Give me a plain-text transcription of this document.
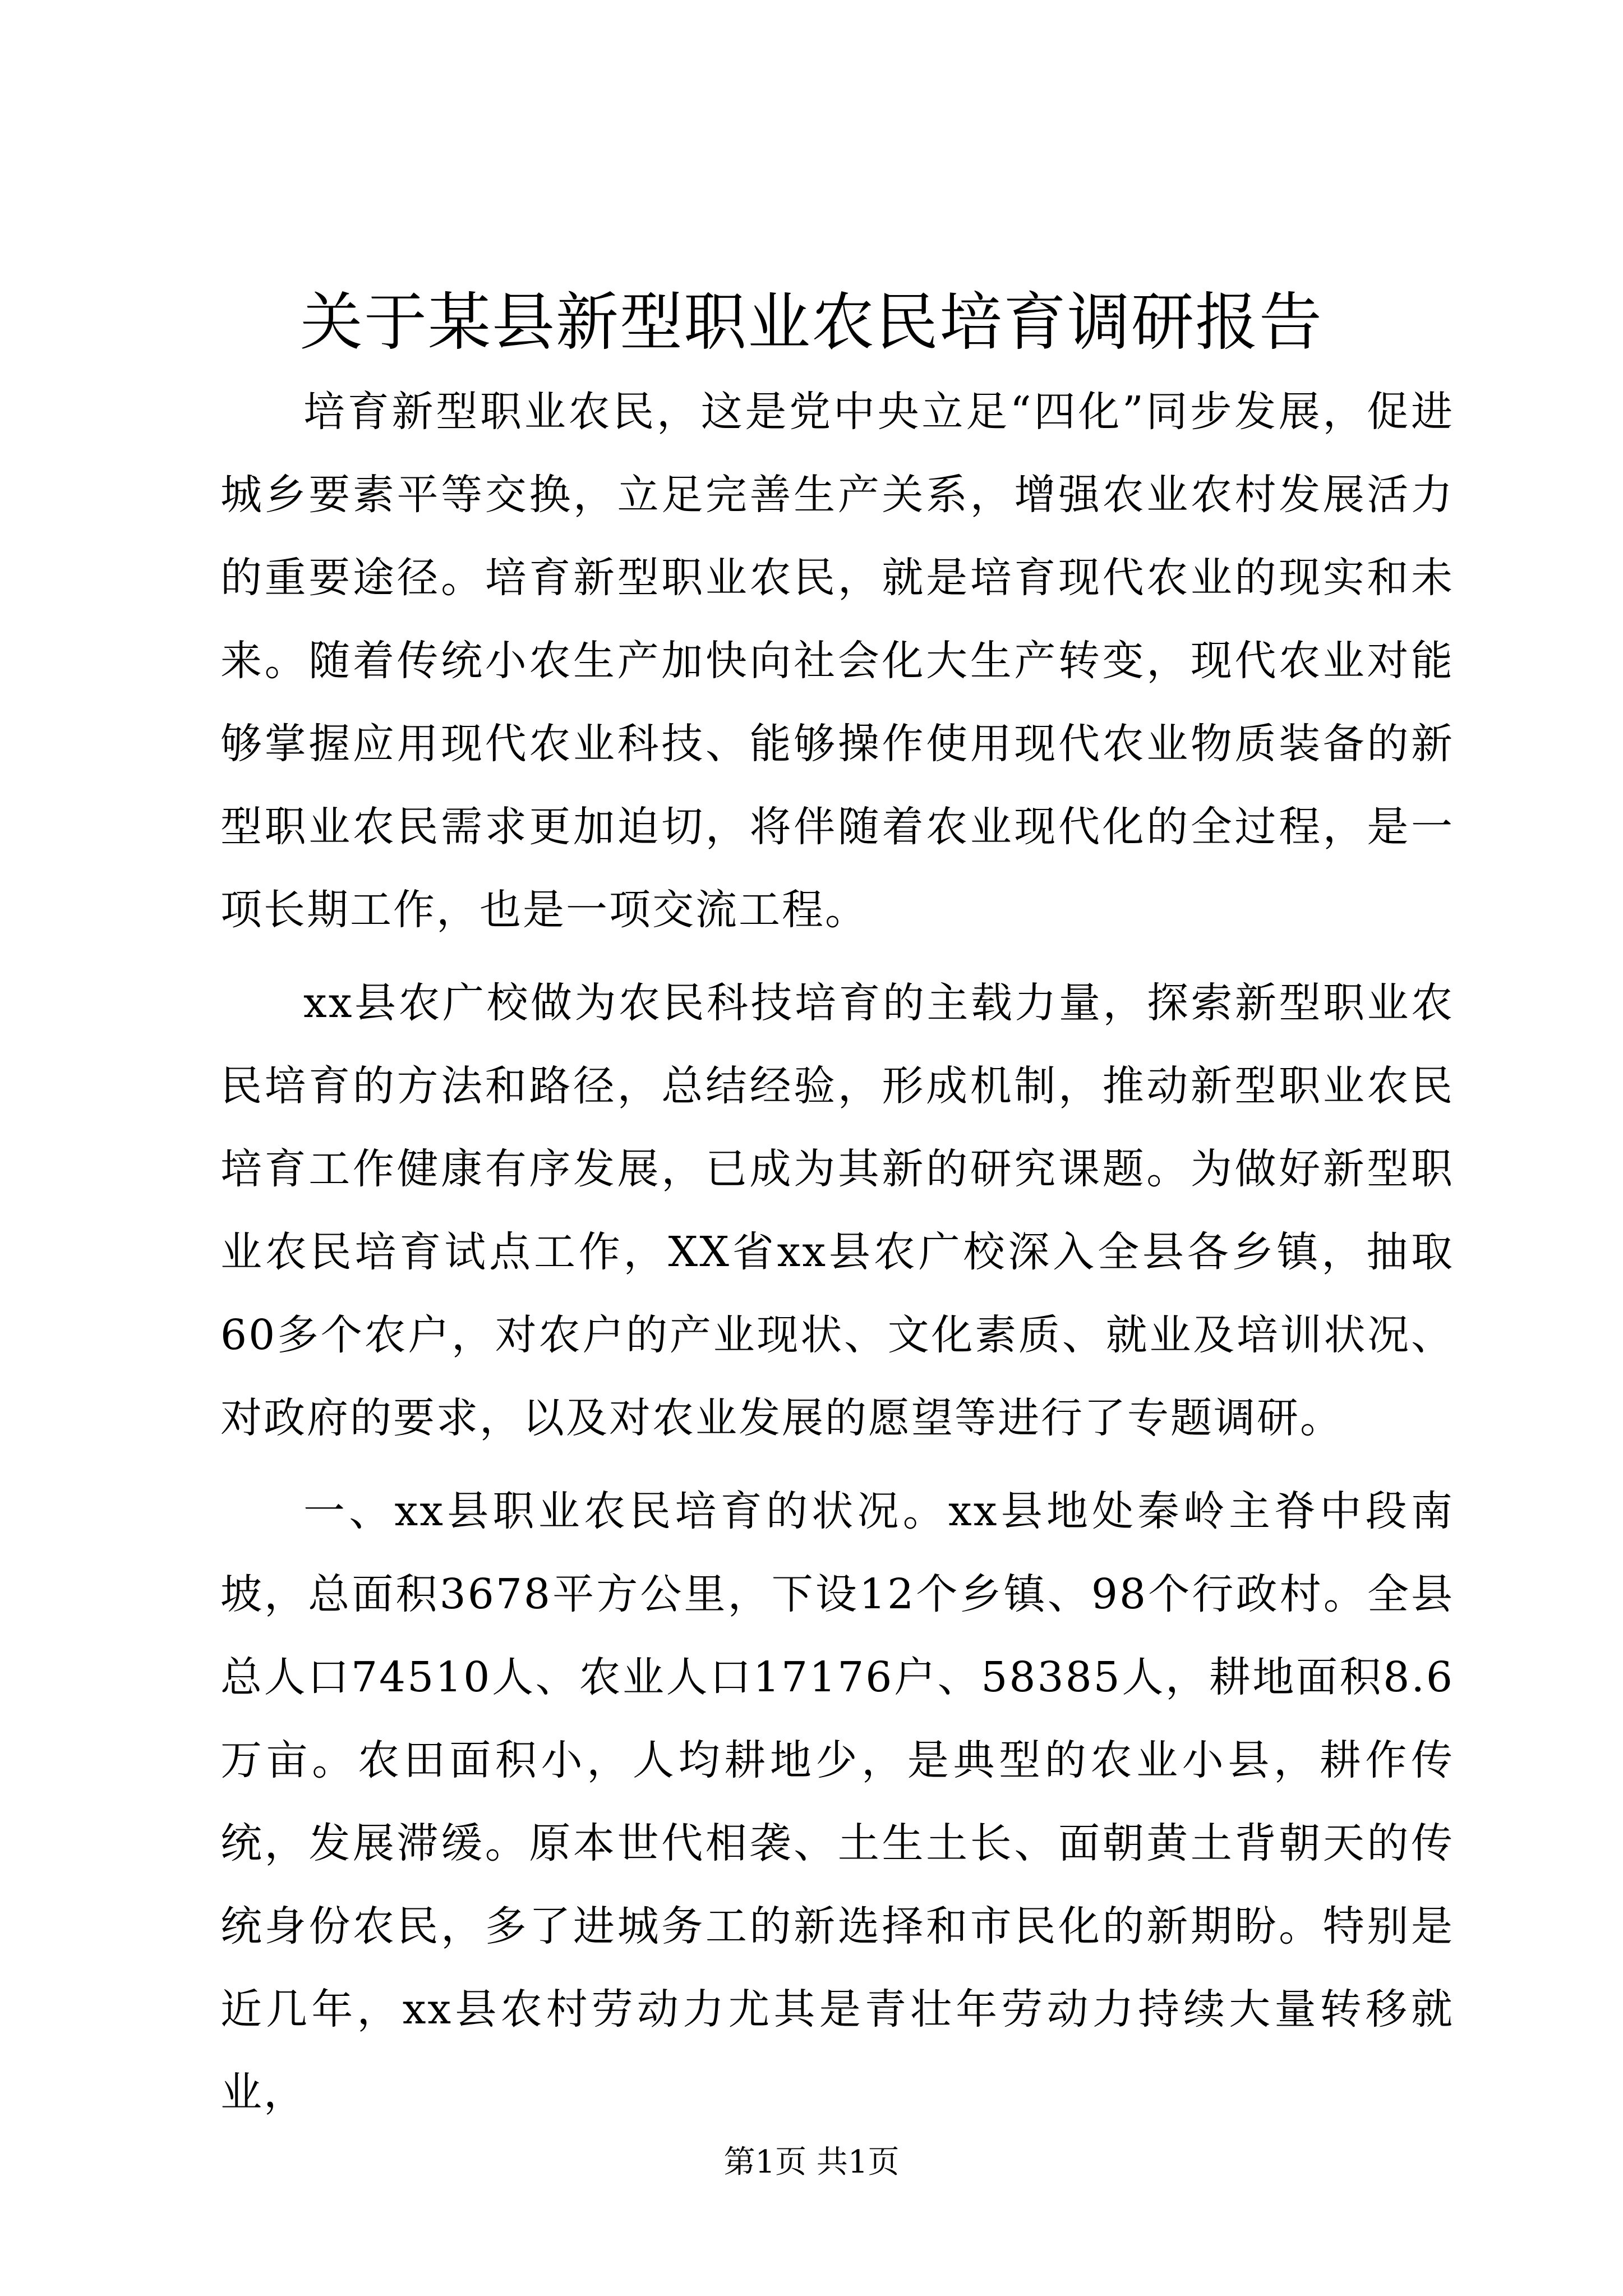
关于某县新型职业农民培育调研报告

培育新型职业农民，这是党中央立足“四化”同步发展，促进城乡要素平等交换，立足完善生产关系，增强农业农村发展活力的重要途径。培育新型职业农民，就是培育现代农业的现实和未来。随着传统小农生产加快向社会化大生产转变，现代农业对能够掌握应用现代农业科技、能够操作使用现代农业物质装备的新型职业农民需求更加迫切，将伴随着农业现代化的全过程，是一项长期工作，也是一项交流工程。

xx县农广校做为农民科技培育的主载力量，探索新型职业农民培育的方法和路径，总结经验，形成机制，推动新型职业农民培育工作健康有序发展，已成为其新的研究课题。为做好新型职业农民培育试点工作，XX省xx县农广校深入全县各乡镇，抽取60多个农户，对农户的产业现状、文化素质、就业及培训状况、对政府的要求，以及对农业发展的愿望等进行了专题调研。

一、xx县职业农民培育的状况。xx县地处秦岭主脊中段南坡，总面积3678平方公里，下设12个乡镇、98个行政村。全县总人口74510人、农业人口17176户、58385人，耕地面积8.6万亩。农田面积小，人均耕地少，是典型的农业小县，耕作传统，发展滞缓。原本世代相袭、土生土长、面朝黄土背朝天的传统身份农民，多了进城务工的新选择和市民化的新期盼。特别是近几年，xx县农村劳动力尤其是青壮年劳动力持续大量转移就业，

第1页 共1页
